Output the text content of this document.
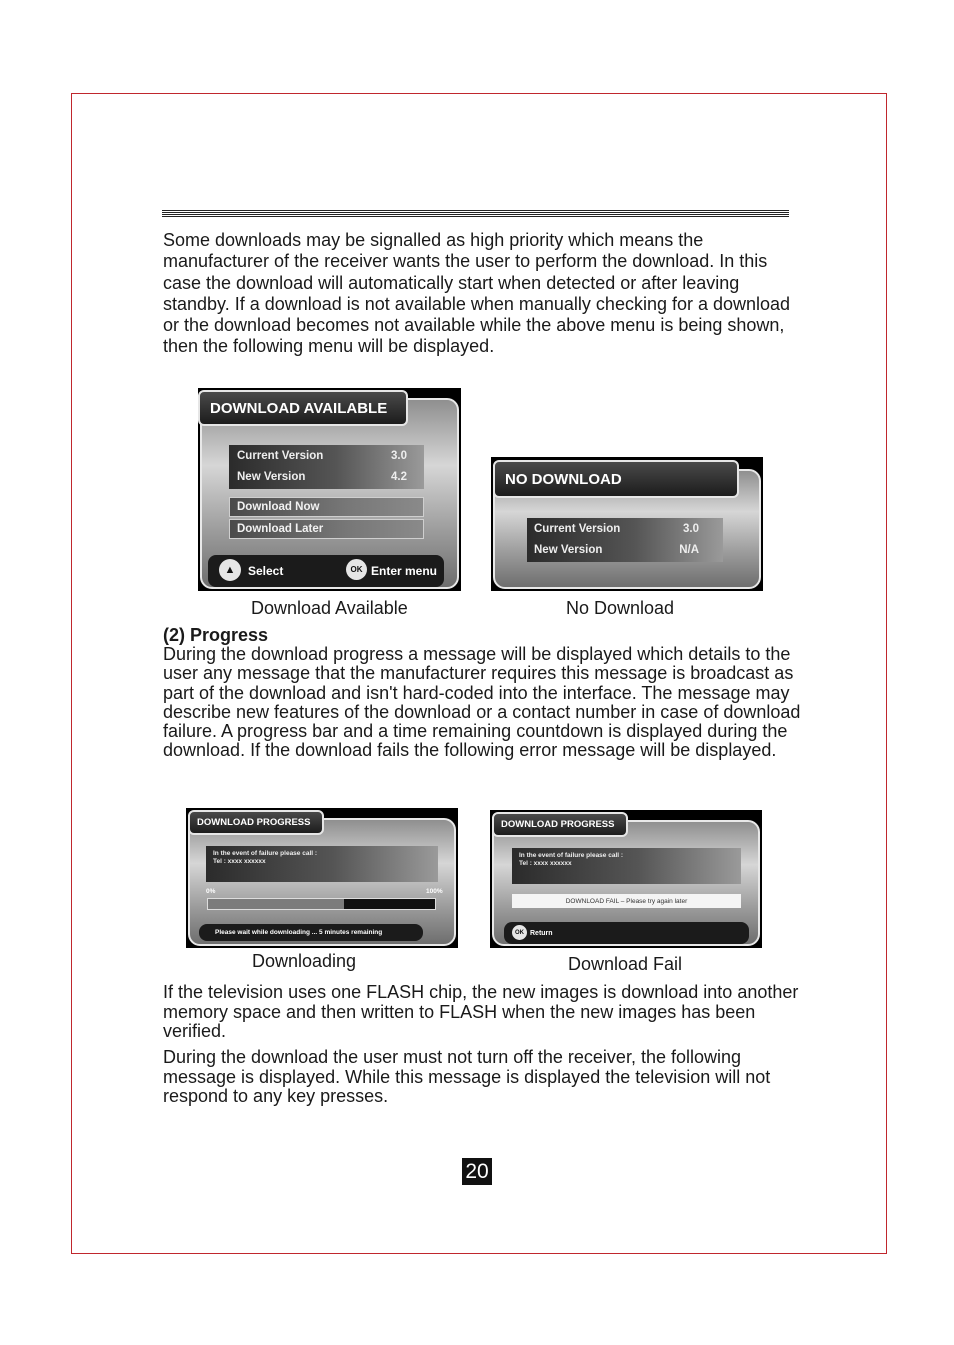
Some downloads may be signalled as high priority which means the manufacturer of the receiver wants the user to perform the download. In this case the download will automatically start when detected or after leaving standby. If a download is not available when manually checking for a download or the download becomes not available while the above menu is being shown, then the following menu will be displayed.

DOWNLOAD AVAILABLE
Current Version	3.0
New Version	4.2
Download Now
Download Later
▲	Select	OK Enter menu
NO DOWNLOAD
Current Version	3.0
New Version	N/A
Download Available	No Download
(2) Progress

During the download progress a message will be displayed which details to the user any message that the manufacturer requires this message is broadcast as part of the download and isn't hard-coded into the interface. The message may describe new features of the download or a contact number in case of download failure. A progress bar and a time remaining countdown is displayed during the download. If the download fails the following error message will be displayed.

DOWNLOAD PROGRESS
In the event of failure please call :
Tel : xxxx xxxxxx
0%	100%
Please wait while downloading ... 5 minutes remaining
DOWNLOAD PROGRESS
In the event of failure please call :
Tel : xxxx xxxxxx
DOWNLOAD FAIL – Please try again later
OK Return
Downloading	Download Fail

If the television uses one FLASH chip, the new images is download into another memory space and then written to FLASH when the new images has been verified.

During the download the user must not turn off the receiver, the following message is displayed. While this message is displayed the television will not respond to any key presses.

20
